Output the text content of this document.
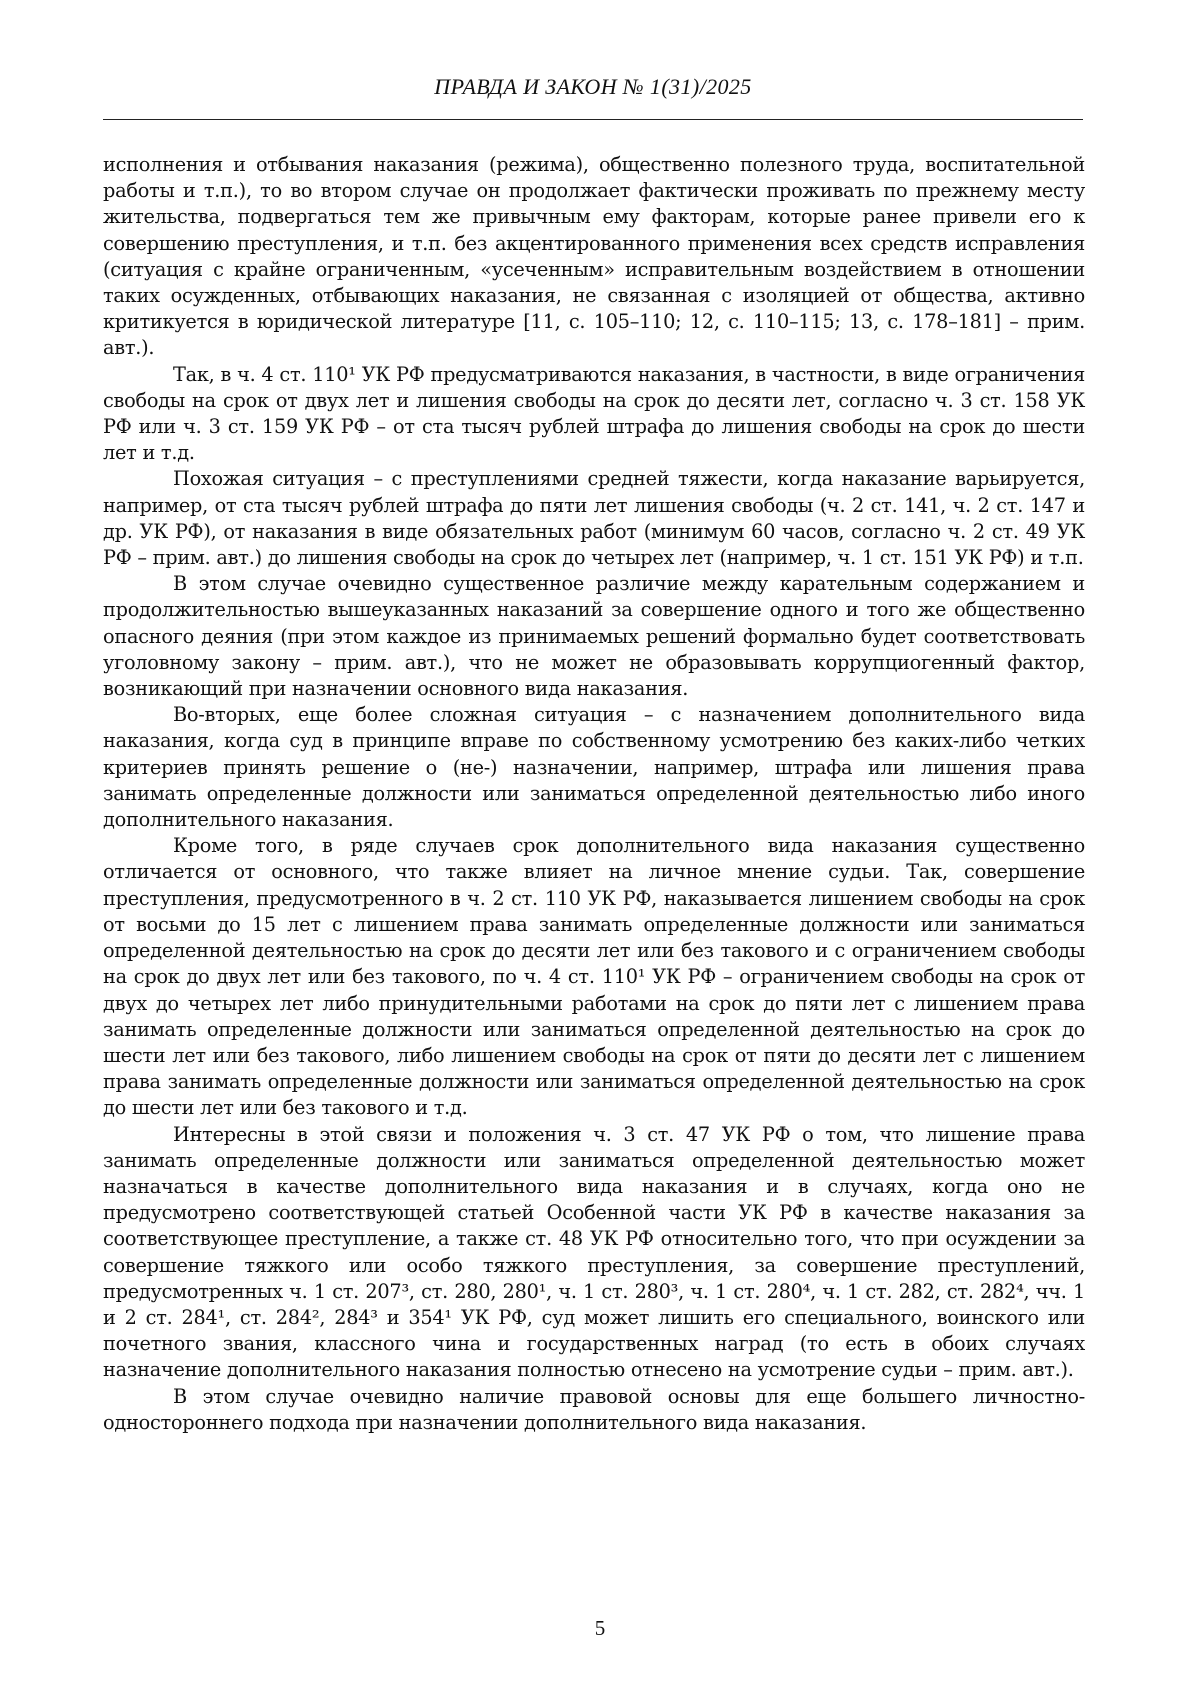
ПРАВДА И ЗАКОН № 1(31)/2025

исполнения и отбывания наказания (режима), общественно полезного труда, воспитательной работы и т.п.), то во втором случае он продолжает фактически проживать по прежнему месту жительства, подвергаться тем же привычным ему факторам, которые ранее привели его к совершению преступления, и т.п. без акцентированного применения всех средств исправления (ситуация с крайне ограниченным, «усеченным» исправительным воздействием в отношении таких осужденных, отбывающих наказания, не связанная с изоляцией от общества, активно критикуется в юридической литературе [11, с. 105–110; 12, с. 110–115; 13, с. 178–181] – прим. авт.).

Так, в ч. 4 ст. 110¹ УК РФ предусматриваются наказания, в частности, в виде ограничения свободы на срок от двух лет и лишения свободы на срок до десяти лет, согласно ч. 3 ст. 158 УК РФ или ч. 3 ст. 159 УК РФ – от ста тысяч рублей штрафа до лишения свободы на срок до шести лет и т.д.

Похожая ситуация – с преступлениями средней тяжести, когда наказание варьируется, например, от ста тысяч рублей штрафа до пяти лет лишения свободы (ч. 2 ст. 141, ч. 2 ст. 147 и др. УК РФ), от наказания в виде обязательных работ (минимум 60 часов, согласно ч. 2 ст. 49 УК РФ – прим. авт.) до лишения свободы на срок до четырех лет (например, ч. 1 ст. 151 УК РФ) и т.п.

В этом случае очевидно существенное различие между карательным содержанием и продолжительностью вышеуказанных наказаний за совершение одного и того же общественно опасного деяния (при этом каждое из принимаемых решений формально будет соответствовать уголовному закону – прим. авт.), что не может не образовывать коррупциогенный фактор, возникающий при назначении основного вида наказания.

Во-вторых, еще более сложная ситуация – с назначением дополнительного вида наказания, когда суд в принципе вправе по собственному усмотрению без каких-либо четких критериев принять решение о (не-) назначении, например, штрафа или лишения права занимать определенные должности или заниматься определенной деятельностью либо иного дополнительного наказания.

Кроме того, в ряде случаев срок дополнительного вида наказания существенно отличается от основного, что также влияет на личное мнение судьи. Так, совершение преступления, предусмотренного в ч. 2 ст. 110 УК РФ, наказывается лишением свободы на срок от восьми до 15 лет с лишением права занимать определенные должности или заниматься определенной деятельностью на срок до десяти лет или без такового и с ограничением свободы на срок до двух лет или без такового, по ч. 4 ст. 110¹ УК РФ – ограничением свободы на срок от двух до четырех лет либо принудительными работами на срок до пяти лет с лишением права занимать определенные должности или заниматься определенной деятельностью на срок до шести лет или без такового, либо лишением свободы на срок от пяти до десяти лет с лишением права занимать определенные должности или заниматься определенной деятельностью на срок до шести лет или без такового и т.д.

Интересны в этой связи и положения ч. 3 ст. 47 УК РФ о том, что лишение права занимать определенные должности или заниматься определенной деятельностью может назначаться в качестве дополнительного вида наказания и в случаях, когда оно не предусмотрено соответствующей статьей Особенной части УК РФ в качестве наказания за соответствующее преступление, а также ст. 48 УК РФ относительно того, что при осуждении за совершение тяжкого или особо тяжкого преступления, за совершение преступлений, предусмотренных ч. 1 ст. 207³, ст. 280, 280¹, ч. 1 ст. 280³, ч. 1 ст. 280⁴, ч. 1 ст. 282, ст. 282⁴, чч. 1 и 2 ст. 284¹, ст. 284², 284³ и 354¹ УК РФ, суд может лишить его специального, воинского или почетного звания, классного чина и государственных наград (то есть в обоих случаях назначение дополнительного наказания полностью отнесено на усмотрение судьи – прим. авт.).

В этом случае очевидно наличие правовой основы для еще большего личностно-одностороннего подхода при назначении дополнительного вида наказания.

5
